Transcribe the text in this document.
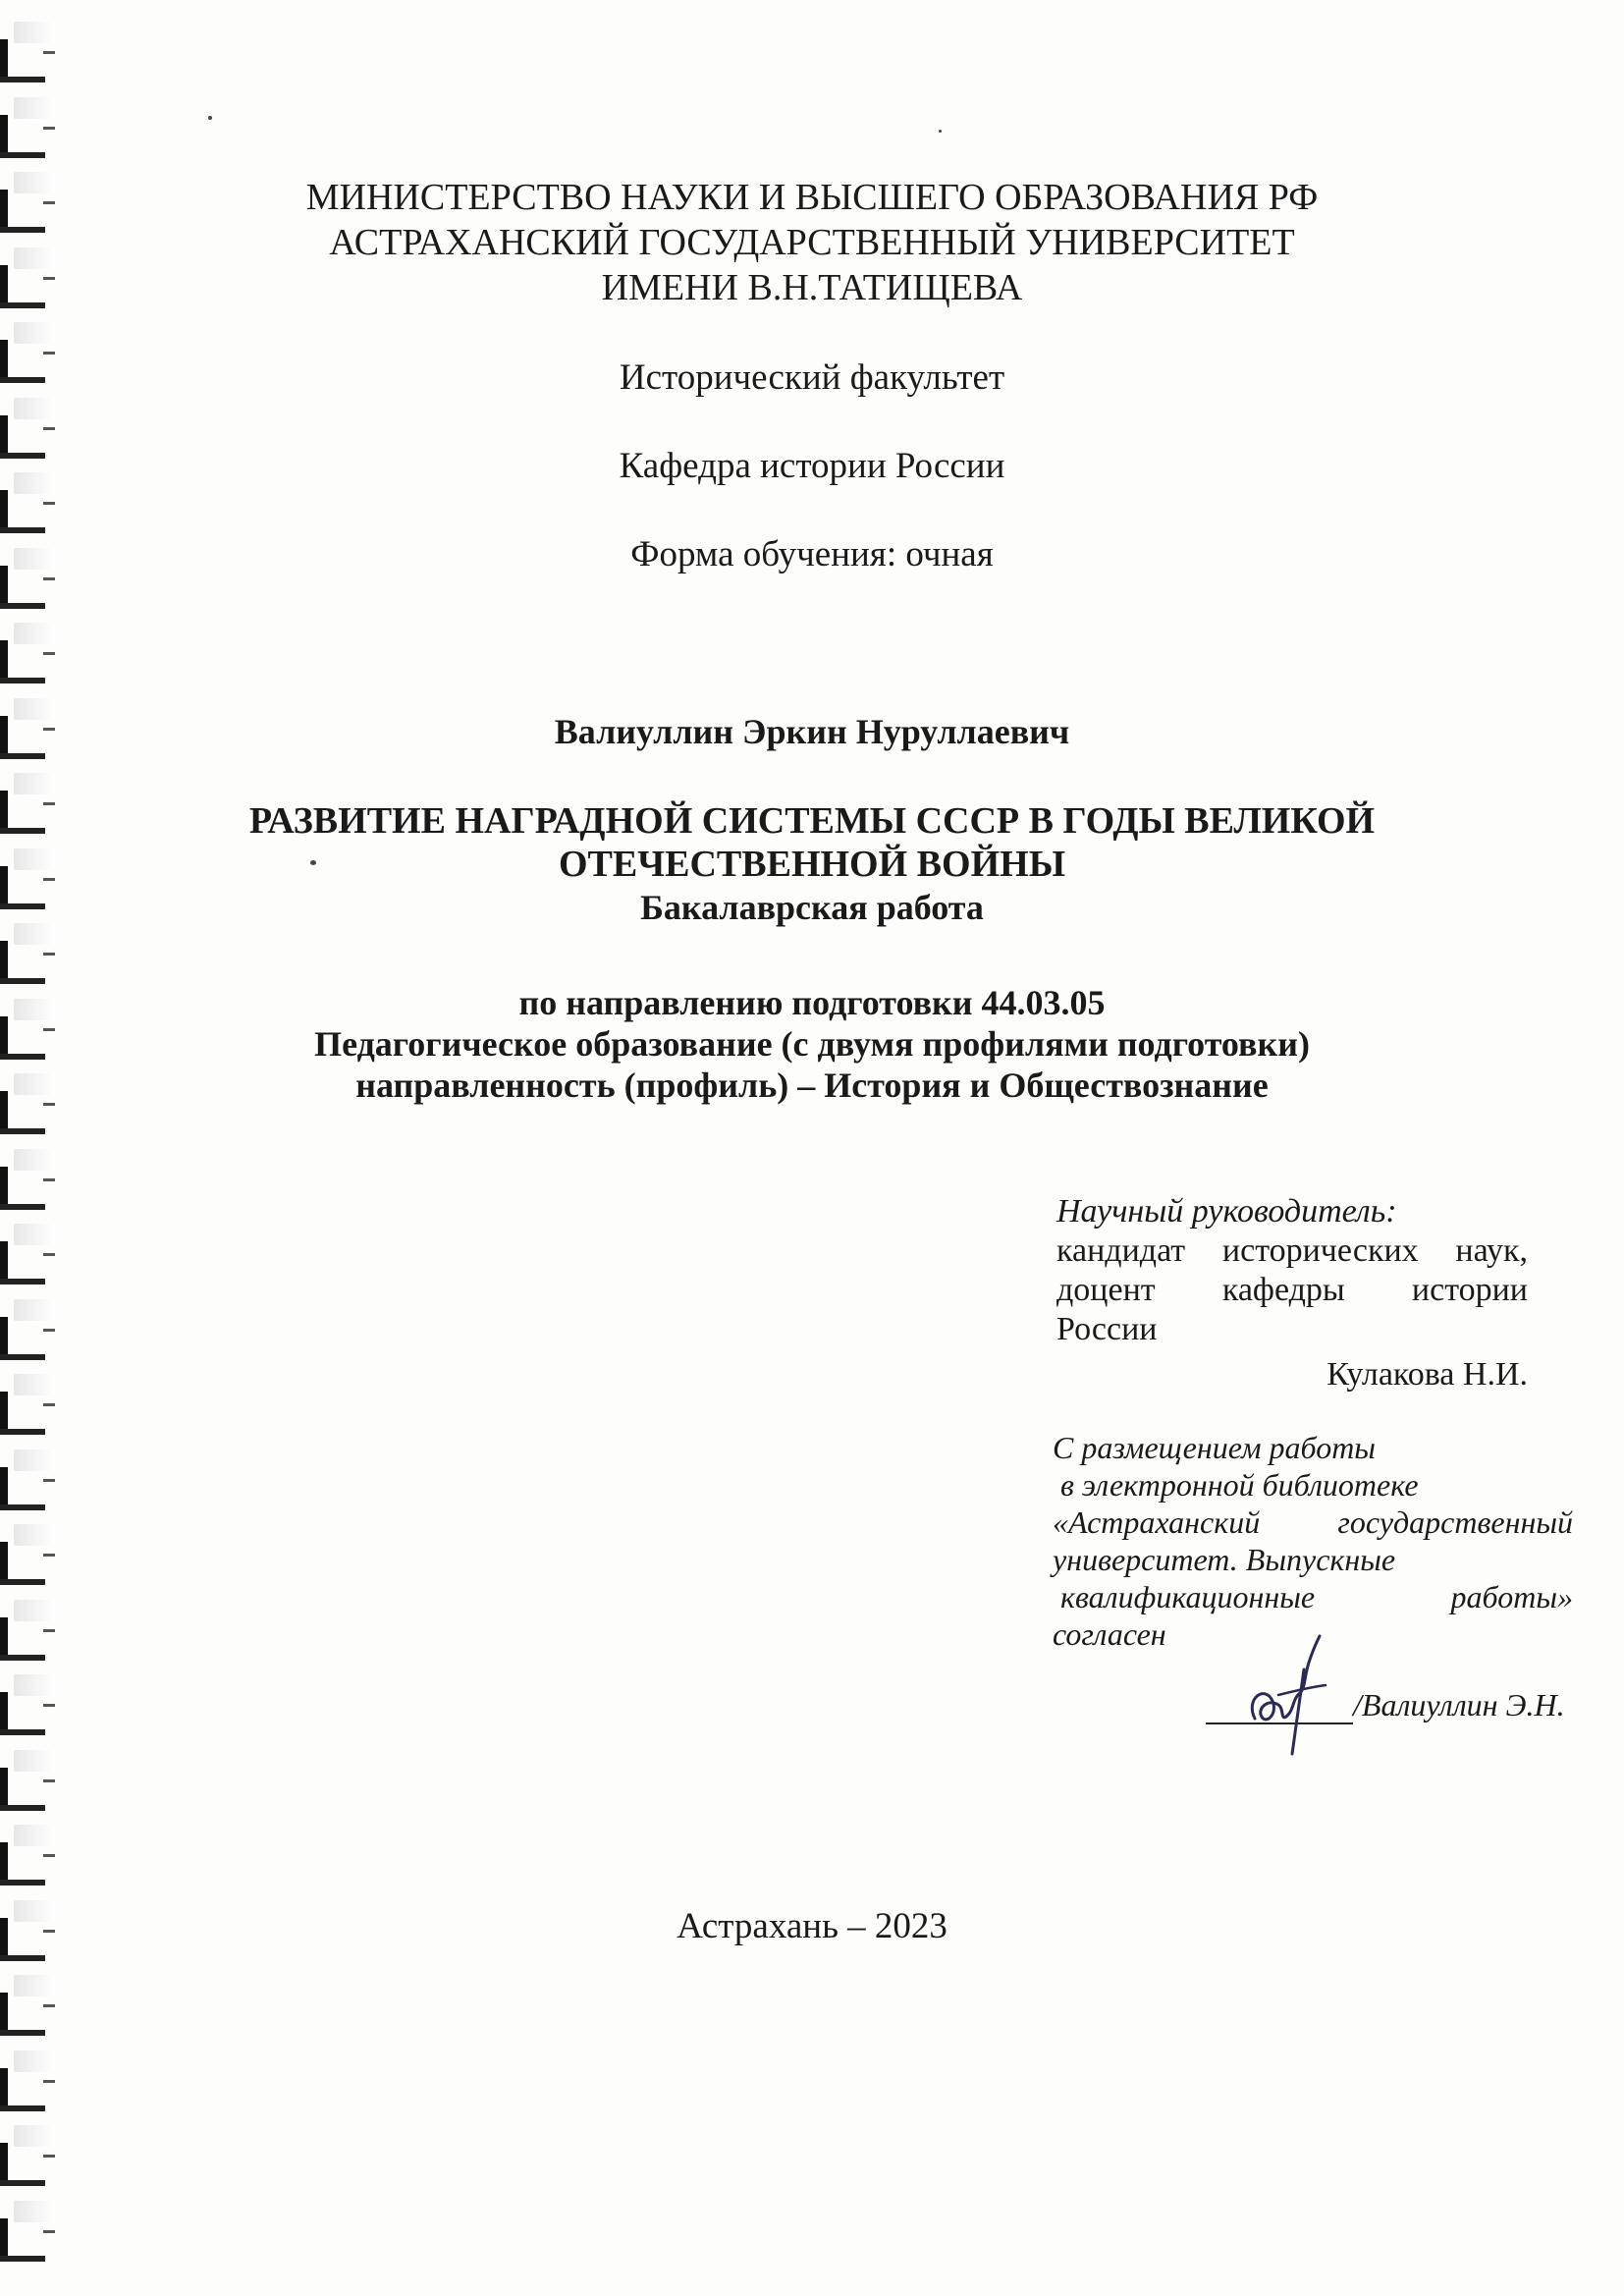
МИНИСТЕРСТВО НАУКИ И ВЫСШЕГО ОБРАЗОВАНИЯ РФ
АСТРАХАНСКИЙ ГОСУДАРСТВЕННЫЙ УНИВЕРСИТЕТ
ИМЕНИ В.Н.ТАТИЩЕВА
Исторический факультет
Кафедра истории России
Форма обучения: очная
Валиуллин Эркин Нуруллаевич
РАЗВИТИЕ НАГРАДНОЙ СИСТЕМЫ СССР В ГОДЫ ВЕЛИКОЙ
ОТЕЧЕСТВЕННОЙ ВОЙНЫ
Бакалаврская работа
по направлению подготовки 44.03.05
Педагогическое образование (с двумя профилями подготовки)
направленность (профиль) – История и Обществознание
Научный руководитель:
кандидат исторических наук,
доцент кафедры истории
России
Кулакова Н.И.
С размещением работы
в электронной библиотеке
«Астраханский государственный
университет. Выпускные
квалификационные работы»
согласен
/Валиуллин Э.Н.
Астрахань – 2023
